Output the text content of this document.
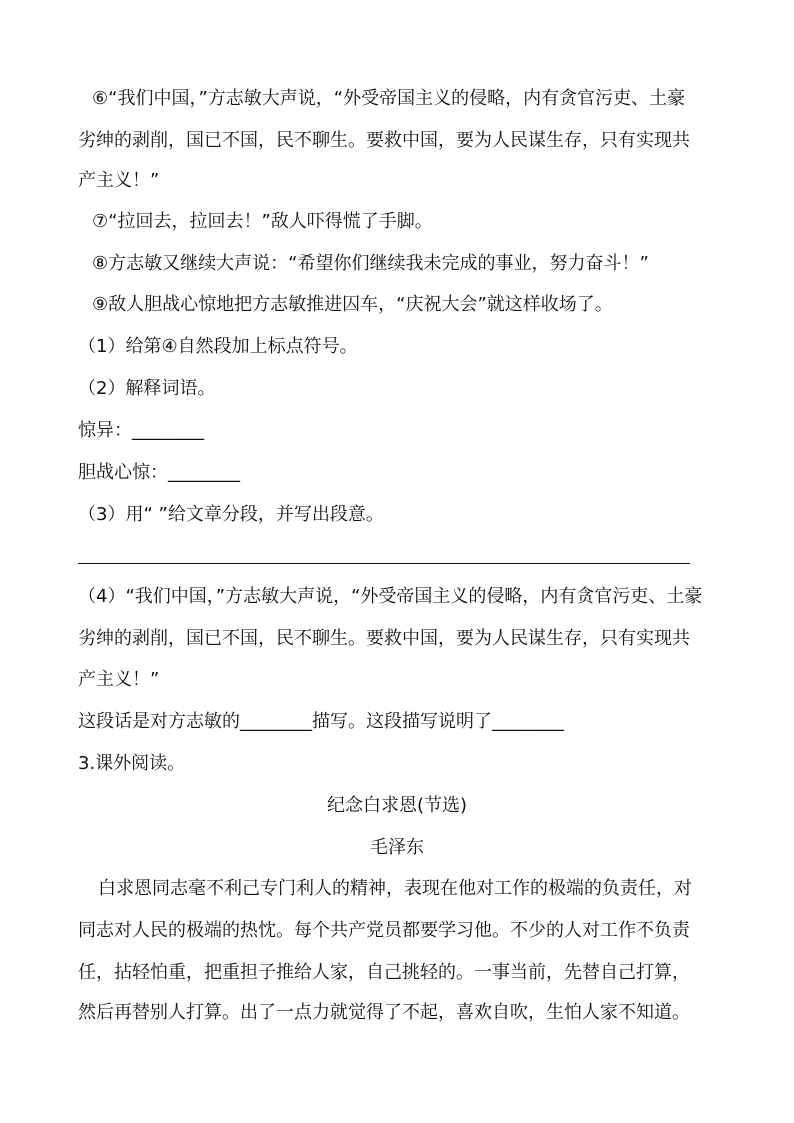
⑥“我们中国，”方志敏大声说，“外受帝国主义的侵略，内有贪官污吏、土豪
劣绅的剥削，国已不国，民不聊生。要救中国，要为人民谋生存，只有实现共
产主义！”
⑦“拉回去，拉回去！”敌人吓得慌了手脚。
⑧方志敏又继续大声说：“希望你们继续我未完成的事业，努力奋斗！”
⑨敌人胆战心惊地把方志敏推进囚车，“庆祝大会”就这样收场了。
（1）给第④自然段加上标点符号。
（2）解释词语。
惊异：________
胆战心惊：________
（3）用“ ”给文章分段，并写出段意。
（4）“我们中国，”方志敏大声说，“外受帝国主义的侵略，内有贪官污吏、土豪
劣绅的剥削，国已不国，民不聊生。要救中国，要为人民谋生存，只有实现共
产主义！”
这段话是对方志敏的________描写。这段描写说明了________
3.课外阅读。
纪念白求恩(节选)
毛泽东
白求恩同志毫不利己专门利人的精神，表现在他对工作的极端的负责任，对
同志对人民的极端的热忱。每个共产党员都要学习他。不少的人对工作不负责
任，拈轻怕重，把重担子推给人家，自己挑轻的。一事当前，先替自己打算，
然后再替别人打算。出了一点力就觉得了不起，喜欢自吹，生怕人家不知道。
